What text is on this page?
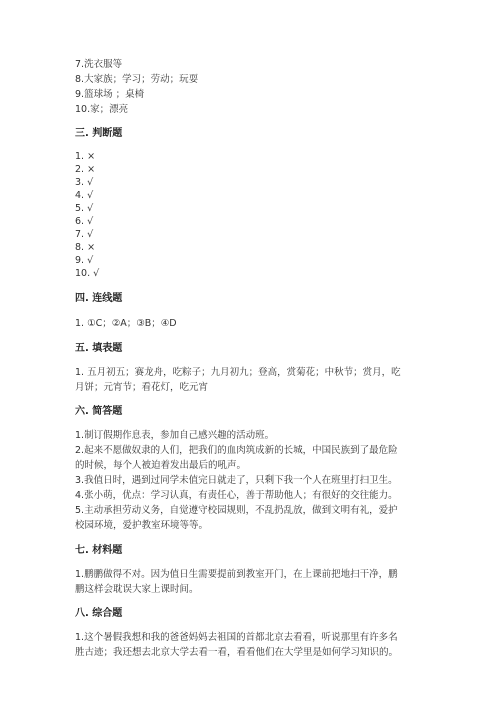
7.洗衣服等
8.大家族；学习；劳动；玩耍
9.篮球场 ；桌椅
10.家；漂亮
三. 判断题
1. ×
2. ×
3. √
4. √
5. √
6. √
7. √
8. ×
9. √
10. √
四. 连线题
1. ①C；②A；③B；④D
五. 填表题
1. 五月初五；赛龙舟，吃粽子；九月初九；登高，赏菊花；中秋节；赏月，吃
月饼；元宵节；看花灯，吃元宵
六. 简答题
1.制订假期作息表，参加自己感兴趣的活动班。
2.起来不愿做奴隶的人们，把我们的血肉筑成新的长城，中国民族到了最危险
的时候，每个人被迫着发出最后的吼声。
3.我值日时，遇到过同学未值完日就走了，只剩下我一个人在班里打扫卫生。
4.张小萌，优点：学习认真，有责任心，善于帮助他人；有很好的交往能力。
5.主动承担劳动义务，自觉遵守校园规则，不乱扔乱放，做到文明有礼，爱护
校园环境，爱护教室环境等等。
七. 材料题
1.鹏鹏做得不对。因为值日生需要提前到教室开门，在上课前把地扫干净，鹏
鹏这样会耽误大家上课时间。
八. 综合题
1.这个暑假我想和我的爸爸妈妈去祖国的首都北京去看看，听说那里有许多名
胜古迹；我还想去北京大学去看一看，看看他们在大学里是如何学习知识的。
